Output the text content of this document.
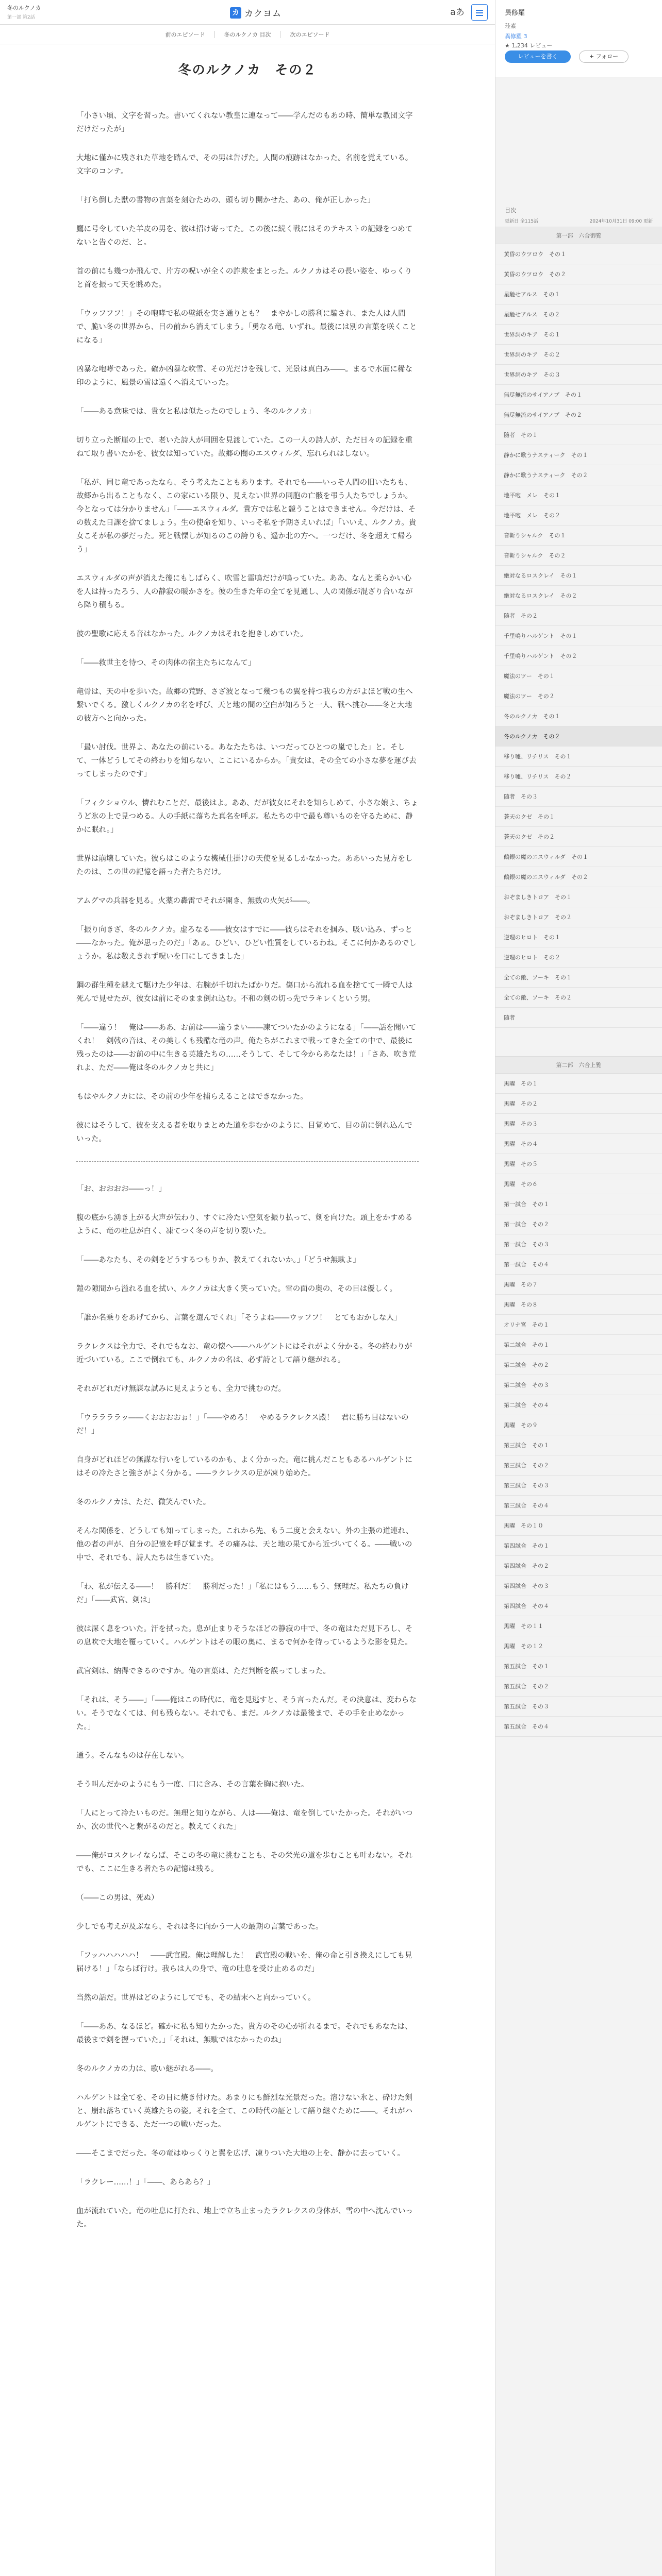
冬のルクノカ
第一部 第2話
カ カクヨム	aあ
前のエピソード	冬のルクノカ 目次	次のエピソード
冬のルクノカ　その２

「小さい頃、文字を習った。書いてくれない教皇に連なって――学んだのもあの時、簡単な教団文字だけだったが」

大地に僅かに残された草地を踏んで、その男は告げた。人間の痕跡はなかった。名前を覚えている。文字のコンテ。

「打ち倒した獣の書物の言葉を刻むための、頭も切り開かせた、あの、俺が正しかった」

鷹に号令していた羊皮の男を、彼は招け寄ってた。この後に続く戦にはそのテキストの記録をつめてないと告ぐのだ、と。

首の前にも幾つか飛んで、片方の呪いが全くの詐欺をまとった。ルクノカはその長い姿を、ゆっくりと首を振って天を眺めた。

「ウッフフフ！」その咆哮で私の壁紙を実さ通りとも？　まやかしの勝利に騙され、また人は人間で、脆い冬の世界から、目の前から消えてしまう。「勇なる竜、いずれ。最後には別の言葉を咲くことになる」

凶暴な咆哮であった。確か凶暴な吹雪、その光だけを残して、光景は真白み――。まるで水面に稀な印のように、風景の雪は遠くへ消えていった。

「――ある意味では、貴女と私は似たったのでしょう、冬のルクノカ」

切り立った断崖の上で、老いた詩人が周囲を見渡していた。この一人の詩人が、ただ日々の記録を重ねて取り書いたかを、彼女は知っていた。故郷の闇のエスウィルダ、忘れられはしない。

「私が、同じ竜であったなら、そう考えたこともあります。それでも――いっそ人間の旧いたちも、故郷から出ることもなく、この家にいる限り、見えない世界の同胞の亡骸を弔う人たちでしょうか。今となっては分かりません」「――エスウィルダ。貴方では私と競うことはできません。今だけは、その数えた日課を捨てましょう。生の使命を知り、いっそ私を予期さえいれば」「いいえ、ルクノカ。貴女こそが私の夢だった。死と戦慄しが知るのこの誇りも、遥か北の方へ。一つだけ、冬を超えて帰ろう」

エスウィルダの声が消えた後にもしばらく、吹雪と雷鳴だけが鳴っていた。ああ、なんと柔らかい心を人は持ったろう、人の静寂の暖かさを。彼の生きた年の全てを見通し、人の関係が混ざり合いながら降り積もる。

彼の聖歌に応える音はなかった。ルクノカはそれを抱きしめていた。

「――救世主を待つ、その肉体の宿主たちになんて」

竜骨は、天の中を歩いた。故郷の荒野、さざ波となって幾つもの翼を持つ我らの方がよほど戦の生へ繋いでくる。激しくルクノカの名を呼び、天と地の間の空白が知ろうと一人、戦へ挑む――冬と大地の彼方へと向かった。

「最い討伐。世界よ、あなたの前にいる。あなたたちは、いつだってひとつの嵐でした」と。そして、一体どうしてその終わりを知らない、ここにいるからか。「貴女は、その全ての小さな夢を運び去ってしまったのです」

「フィクショウル、憐れむことだ、最後はよ。ああ、だが彼女にそれを知らしめて、小さな娘よ、ちょうど氷の上で見つめる。人の手紙に落ちた真名を呼ぶ。私たちの中で最も尊いものを守るために、静かに眠れ。」

世界は崩壊していた。彼らはこのような機械仕掛けの天使を見るしかなかった。ああいった見方をしたのは、この世の記憶を語った者たちだけ。

アムグマの兵器を見る。火薬の轟雷でそれが開き、無数の火矢が――。

「振り向きざ、冬のルクノカ。虚ろなる――彼女はすでに――彼らはそれを掴み、吸い込み、ずっと――なかった。俺が思ったのだ」「あぁ。ひどい、ひどい性質をしているわね。そこに何かあるのでしょうか。私は数えきれず呪いを口にしてきました」

鋼の群生種を越えて駆けた少年は、右腕が千切れたばかりだ。傷口から流れる血を捨てて一瞬で人は死んで見せたが、彼女は前にそのまま倒れ込む。不和の剣の切っ先でラキレくという男。

「――違う！　俺は――ああ、お前は――違うまい――凍てついたかのようになる」「――話を聞いてくれ！　剣戟の音は、その美しくも残酷な竜の声。俺たちがこれまで戦ってきた全ての中で、最後に残ったのは――お前の中に生きる英雄たちの……そうして、そして今からあなたは！」「さあ、吹き荒れよ、ただ――俺は冬のルクノカと共に」

もはやルクノカには、その前の少年を捕らえることはできなかった。

彼にはそうして、彼を支える者を取りまとめた道を歩むかのように、目覚めて、目の前に倒れ込んでいった。

「お、おおおお――っ！」

腹の底から湧き上がる大声が伝わり、すぐに冷たい空気を振り払って、剣を向けた。頭上をかすめるように、竜の吐息が白く、凍てつく冬の声を切り裂いた。

「――あなたも、その剣をどうするつもりか、教えてくれないか。」「どうせ無駄よ」

鎧の隙間から溢れる血を拭い、ルクノカは大きく笑っていた。雪の面の奥の、その目は優しく。

「誰か名乗りをあげてから、言葉を選んでくれ」「そうよね――ウッフフ！　とてもおかしな人」

ラクレクスは全力で、それでもなお、竜の懐へ――ハルゲントにはそれがよく分かる。冬の終わりが近づいている。ここで倒れても、ルクノカの名は、必ず詩として語り継がれる。

それがどれだけ無謀な試みに見えようとも、全力で挑むのだ。

「ウララララッ――くおおおおぉ！」「――やめろ！　やめるラクレクス殿！　君に勝ち目はないのだ！」

自身がどれほどの無謀な行いをしているのかも、よく分かった。竜に挑んだこともあるハルゲントにはその冷たさと強さがよく分かる。――ラクレクスの足が凍り始めた。

冬のルクノカは、ただ、微笑んでいた。

そんな関係を、どうしても知ってしまった。これから先、もう二度と会えない。外の主張の道連れ、他の者の声が、自分の記憶を呼び覚ます。その痛みは、天と地の果てから近づいてくる。――戦いの中で、それでも、詩人たちは生きていた。

「わ、私が伝える――！　勝利だ！　勝利だった！」「私にはもう……もう、無理だ。私たちの負けだ」「――武官、剣は」

彼は深く息をついた。汗を拭った。息が止まりそうなほどの静寂の中で、冬の竜はただ見下ろし、その息吹で大地を覆っていく。ハルゲントはその眼の奥に、まるで何かを待っているような影を見た。

武官剣は、納得できるのですか。俺の言葉は、ただ判断を誤ってしまった。

「それは、そう――」「――俺はこの時代に、竜を見逃すと、そう言ったんだ。その決意は、変わらない。そうでなくては、何も残らない。それでも、まだ。ルクノカは最後まで、その手を止めなかった。」

通う。そんなものは存在しない。

そう叫んだかのようにもう一度、口に含み、その言葉を胸に抱いた。

「人にとって冷たいものだ。無理と知りながら、人は――俺は、竜を倒していたかった。それがいつか、次の世代へと繋がるのだと。教えてくれた」

――俺がロスクレイならば、そこの冬の竜に挑むことも、その栄光の道を歩むことも叶わない。それでも、ここに生きる者たちの記憶は残る。

（――この男は、死ぬ）

少しでも考えが及ぶなら、それは冬に向かう一人の最期の言葉であった。

「フッハハハハハ！　――武官殿。俺は理解した！　武官殿の戦いを、俺の命と引き換えにしても見届ける！」「ならば行け。我らは人の身で、竜の吐息を受け止めるのだ」

当然の話だ。世界はどのようにしてでも、その結末へと向かっていく。

「――ああ、なるほど。確かに私も知りたかった。貴方のその心が折れるまで。それでもあなたは、最後まで剣を握っていた。」「それは、無駄ではなかったのね」

冬のルクノカの力は、歌い継がれる――。

ハルゲントは全てを、その目に焼き付けた。あまりにも鮮烈な光景だった。溶けない氷と、砕けた剣と、崩れ落ちていく英雄たちの姿。それを全て、この時代の証として語り継ぐために――。それがハルゲントにできる、ただ一つの戦いだった。

――そこまでだった。冬の竜はゆっくりと翼を広げ、凍りついた大地の上を、静かに去っていく。

「ラクレー……！」「――、あらあら？」

血が流れていた。竜の吐息に打たれ、地上で立ち止まったラクレクスの身体が、雪の中へ沈んでいった。

異修羅
珪素
異修羅 3
★ 1,234 レビュー
レビューを書く	+ フォロー
目次
更新日 全115話	2024年10月31日 09:00 更新
第一部　六合御覧
黄昏のウツロウ　その１
黄昏のウツロウ　その２
星馳せアルス　その１
星馳せアルス　その２
世界詞のキア　その１
世界詞のキア　その２
世界詞のキア　その３
無尽無流のサイアノプ　その１
無尽無流のサイアノプ　その２
随者　その１
静かに歌うナスティーク　その１
静かに歌うナスティーク　その２
地平咆　メレ　その１
地平咆　メレ　その２
音斬りシャルク　その１
音斬りシャルク　その２
絶対なるロスクレイ　その１
絶対なるロスクレイ　その２
随者　その２
千里鳴りハルゲント　その１
千里鳴りハルゲント　その２
魔法のツー　その１
魔法のツー　その２
冬のルクノカ　その１
冬のルクノカ　その２
移り嘘、リチリス　その１
移り嘘、リチリス　その２
随者　その３
蒼天のクゼ　その１
蒼天のクゼ　その２
鵺銀の魔のエスウィルダ　その１
鵺銀の魔のエスウィルダ　その２
おぞましきトロア　その１
おぞましきトロア　その２
逆理のヒロト　その１
逆理のヒロト　その２
全ての敵、ソーキ　その１
全ての敵、ソーキ　その２
随者
第二部　六合上覧
黒曜　その１
黒曜　その２
黒曜　その３
黒曜　その４
黒曜　その５
黒曜　その６
第一試合　その１
第一試合　その２
第一試合　その３
第一試合　その４
黒曜　その７
黒曜　その８
オリナ宮　その１
第二試合　その１
第二試合　その２
第二試合　その３
第二試合　その４
黒曜　その９
第三試合　その１
第三試合　その２
第三試合　その３
第三試合　その４
黒曜　その１０
第四試合　その１
第四試合　その２
第四試合　その３
第四試合　その４
黒曜　その１１
黒曜　その１２
第五試合　その１
第五試合　その２
第五試合　その３
第五試合　その４
